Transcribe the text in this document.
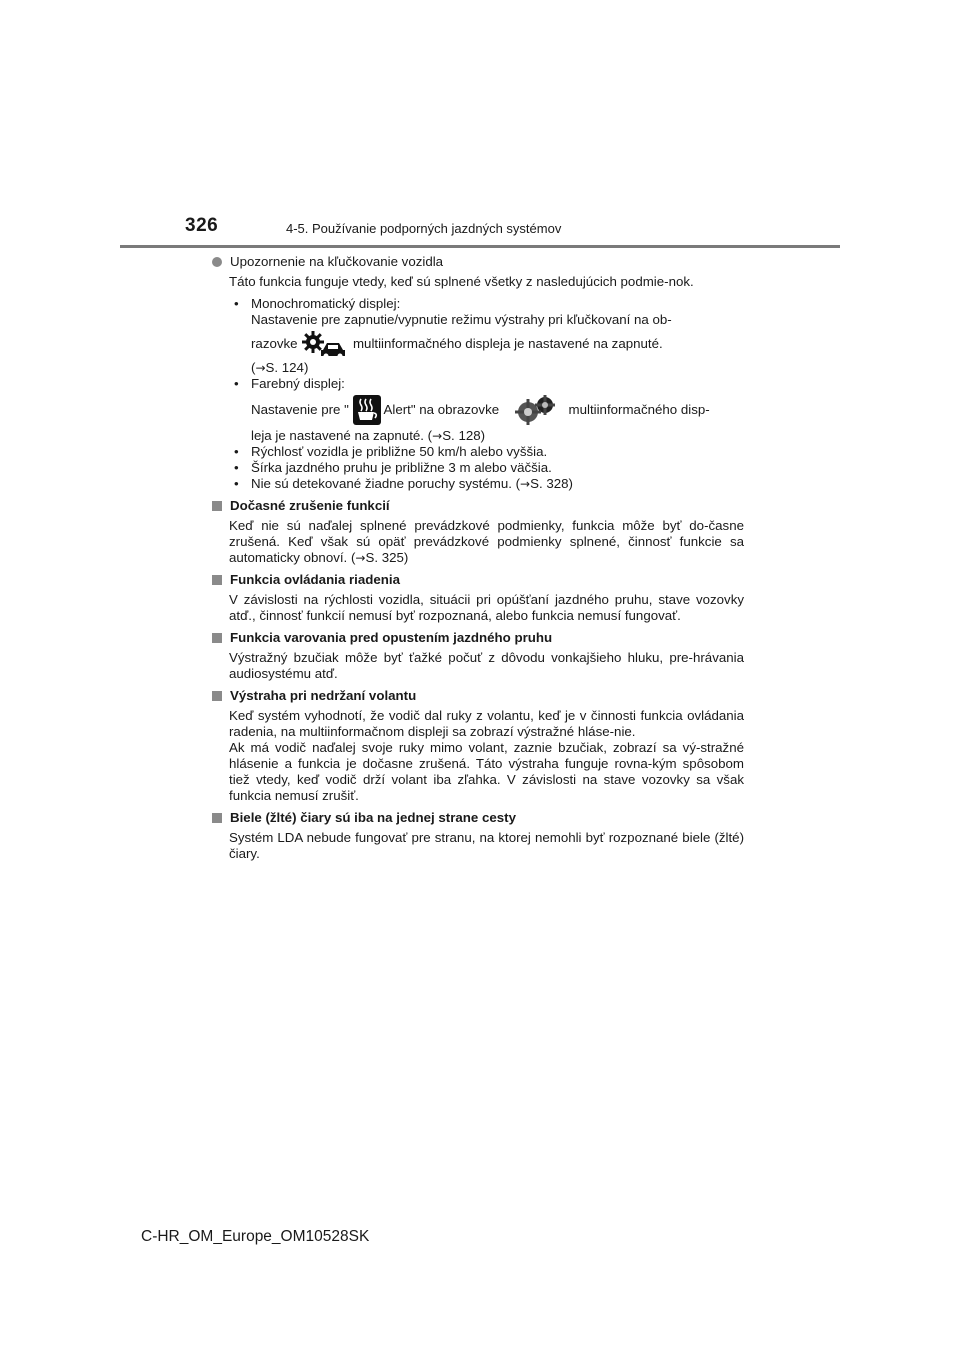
326	4-5. Používanie podporných jazdných systémov
Upozornenie na kľučkovanie vozidla
Táto funkcia funguje vtedy, keď sú splnené všetky z nasledujúcich podmie-nok.
• Monochromatický displej:
Nastavenie pre zapnutie/vypnutie režimu výstrahy pri kľučkovaní na ob-
razovke	multiinformačného displeja je nastavené na zapnuté.
(→S. 124)
• Farebný displej:
Nastavenie pre "	Alert" na obrazovke	multiinformačného disp-
leja je nastavené na zapnuté. (→S. 128)
• Rýchlosť vozidla je približne 50 km/h alebo vyššia.
• Šírka jazdného pruhu je približne 3 m alebo väčšia.
• Nie sú detekované žiadne poruchy systému. (→S. 328)
Dočasné zrušenie funkcií
Keď nie sú naďalej splnené prevádzkové podmienky, funkcia môže byť do-časne zrušená. Keď však sú opäť prevádzkové podmienky splnené, činnosť funkcie sa automaticky obnoví. (→S. 325)
Funkcia ovládania riadenia
V závislosti na rýchlosti vozidla, situácii pri opúšťaní jazdného pruhu, stave vozovky atď., činnosť funkcií nemusí byť rozpoznaná, alebo funkcia nemusí fungovať.
Funkcia varovania pred opustením jazdného pruhu
Výstražný bzučiak môže byť ťažké počuť z dôvodu vonkajšieho hluku, pre-hrávania audiosystému atď.
Výstraha pri nedržaní volantu
Keď systém vyhodnotí, že vodič dal ruky z volantu, keď je v činnosti funkcia ovládania radenia, na multiinformačnom displeji sa zobrazí výstražné hláse-nie.
Ak má vodič naďalej svoje ruky mimo volant, zaznie bzučiak, zobrazí sa vý-stražné hlásenie a funkcia je dočasne zrušená. Táto výstraha funguje rovna-kým spôsobom tiež vtedy, keď vodič drží volant iba zľahka. V závislosti na stave vozovky sa však funkcia nemusí zrušiť.
Biele (žlté) čiary sú iba na jednej strane cesty
Systém LDA nebude fungovať pre stranu, na ktorej nemohli byť rozpoznané biele (žlté) čiary.
C-HR_OM_Europe_OM10528SK
